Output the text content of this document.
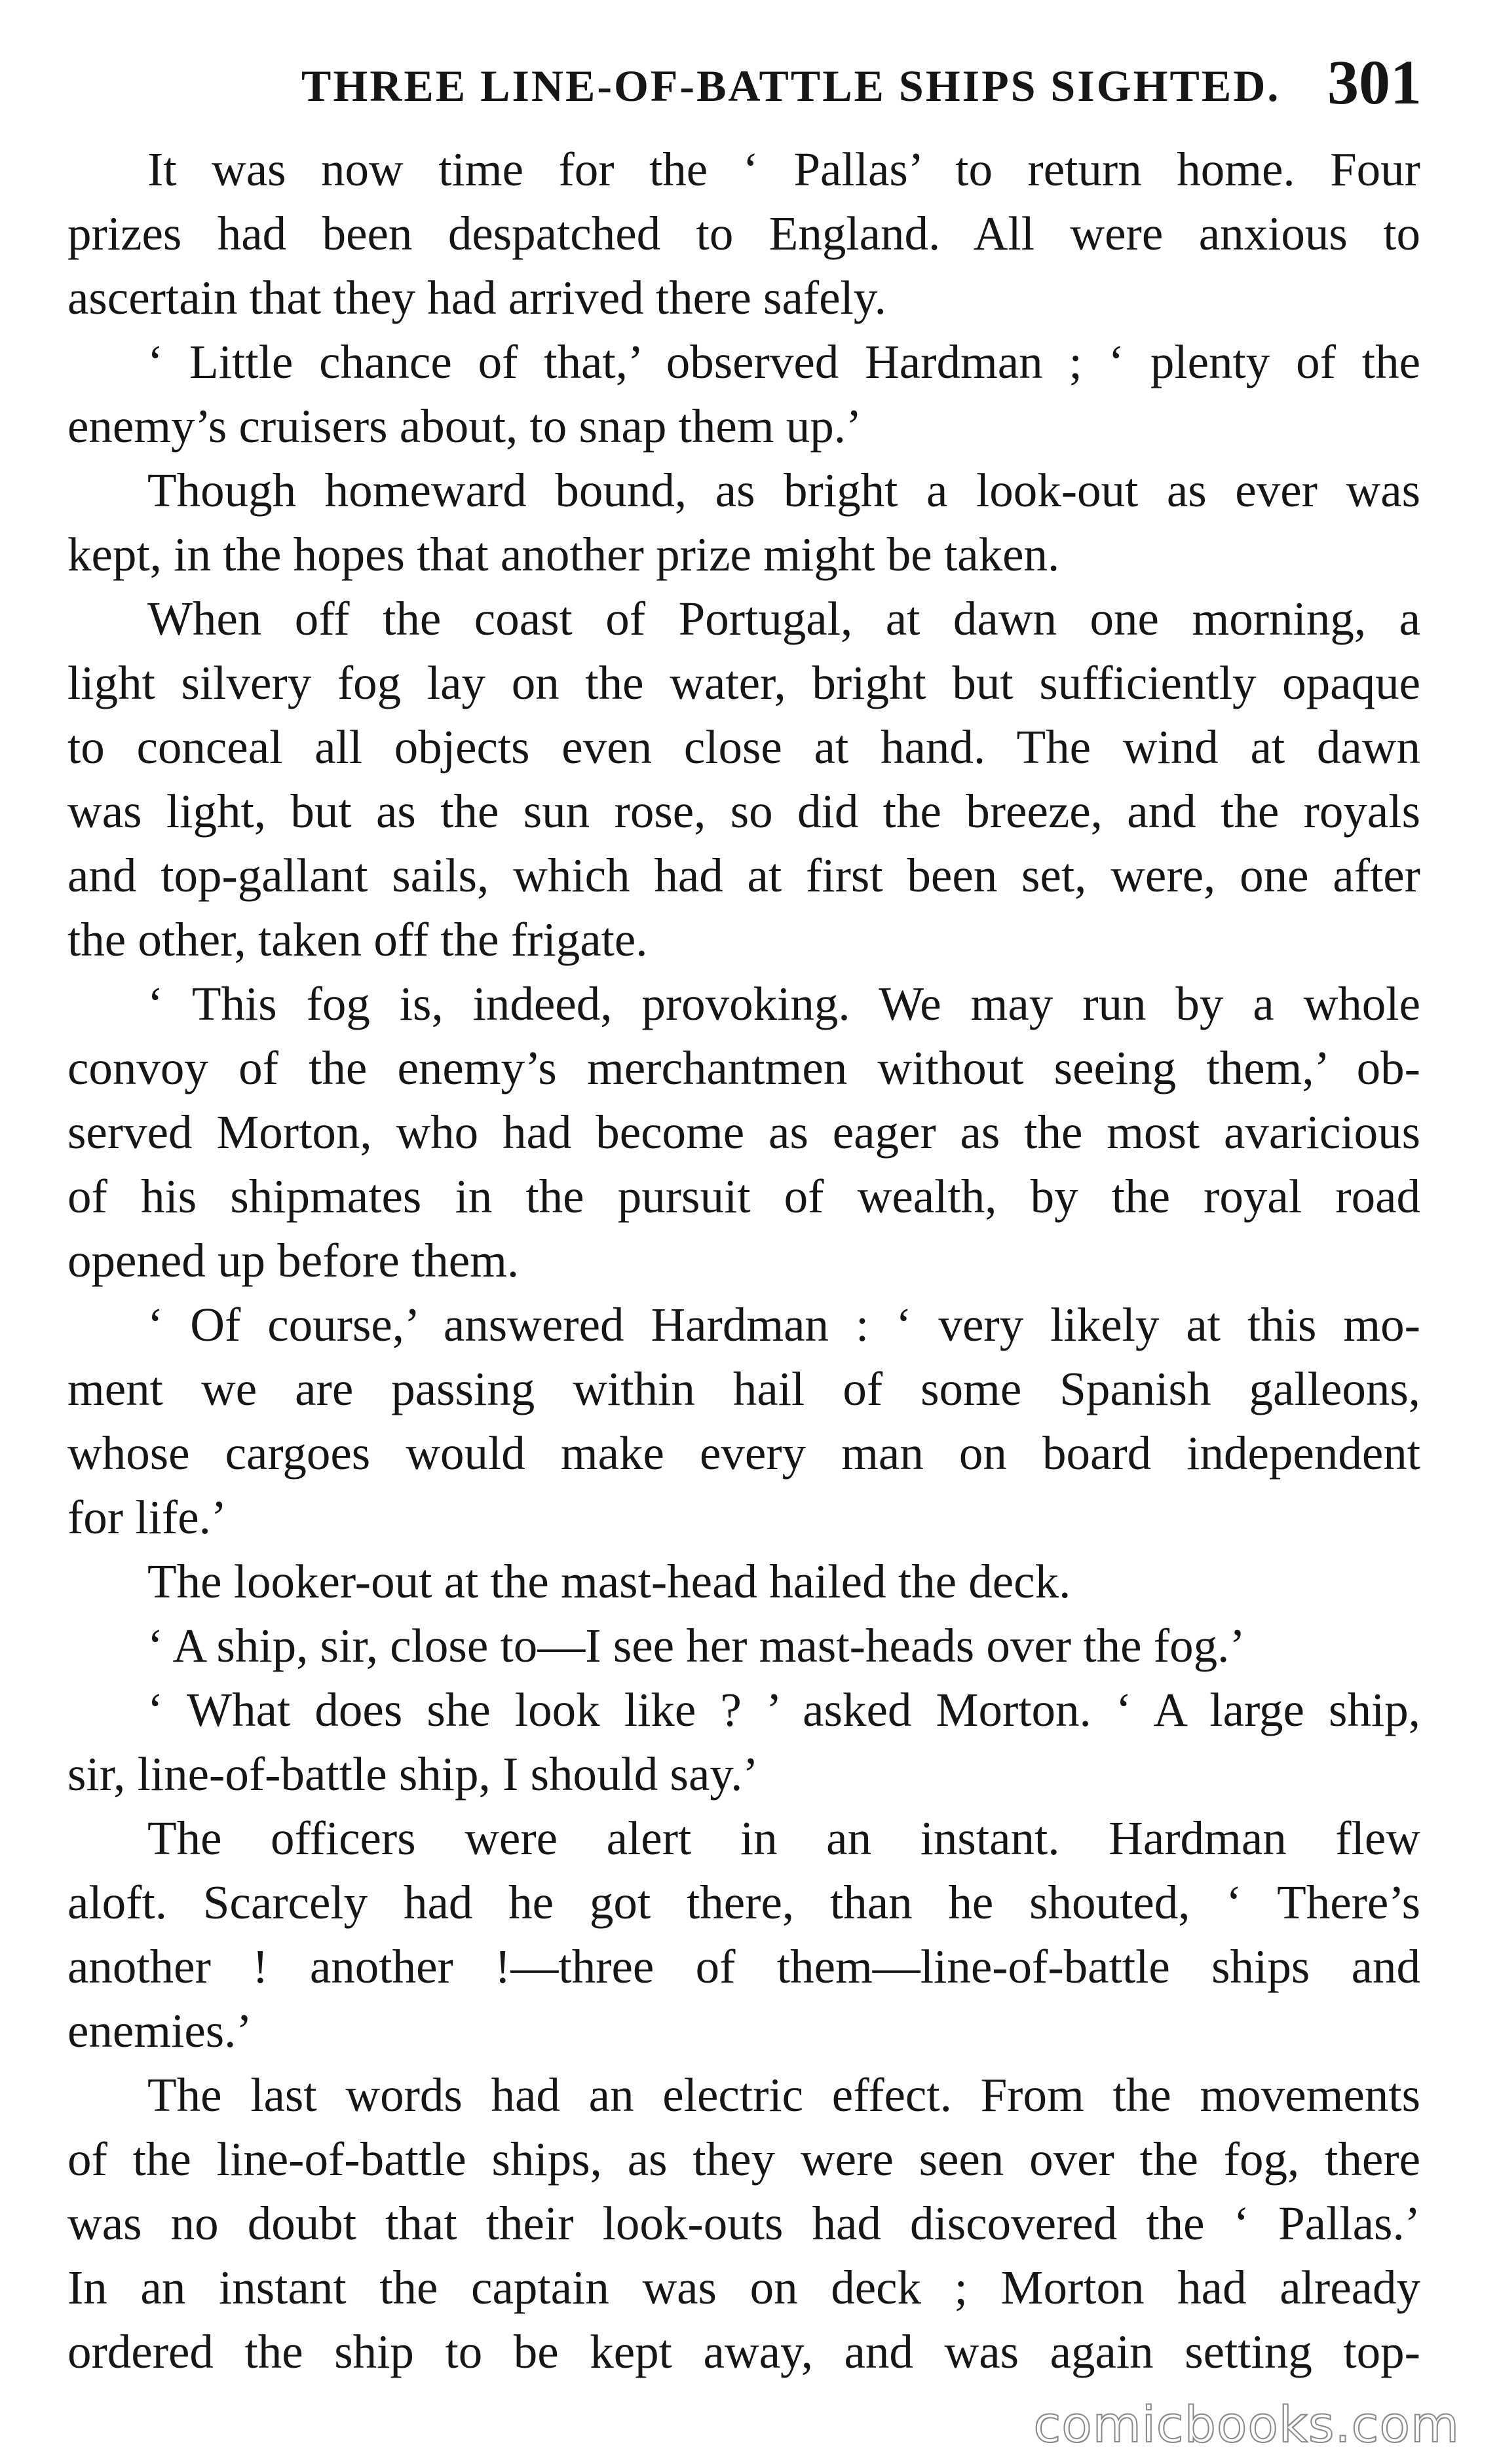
THREE LINE-OF-BATTLE SHIPS SIGHTED. 301
It was now time for the ‘ Pallas’ to return home. Four
prizes had been despatched to England. All were anxious to
ascertain that they had arrived there safely.
‘ Little chance of that,’ observed Hardman ; ‘ plenty of the
enemy’s cruisers about, to snap them up.’
Though homeward bound, as bright a look-out as ever was
kept, in the hopes that another prize might be taken.
When off the coast of Portugal, at dawn one morning, a
light silvery fog lay on the water, bright but sufficiently opaque
to conceal all objects even close at hand. The wind at dawn
was light, but as the sun rose, so did the breeze, and the royals
and top-gallant sails, which had at first been set, were, one after
the other, taken off the frigate.
‘ This fog is, indeed, provoking. We may run by a whole
convoy of the enemy’s merchantmen without seeing them,’ ob-
served Morton, who had become as eager as the most avaricious
of his shipmates in the pursuit of wealth, by the royal road
opened up before them.
‘ Of course,’ answered Hardman : ‘ very likely at this mo-
ment we are passing within hail of some Spanish galleons,
whose cargoes would make every man on board independent
for life.’
The looker-out at the mast-head hailed the deck.
‘ A ship, sir, close to—I see her mast-heads over the fog.’
‘ What does she look like ? ’ asked Morton. ‘ A large ship,
sir, line-of-battle ship, I should say.’
The officers were alert in an instant. Hardman flew
aloft. Scarcely had he got there, than he shouted, ‘ There’s
another ! another !—three of them—line-of-battle ships and
enemies.’
The last words had an electric effect. From the movements
of the line-of-battle ships, as they were seen over the fog, there
was no doubt that their look-outs had discovered the ‘ Pallas.’
In an instant the captain was on deck ; Morton had already
ordered the ship to be kept away, and was again setting top-
comicbooks.com
